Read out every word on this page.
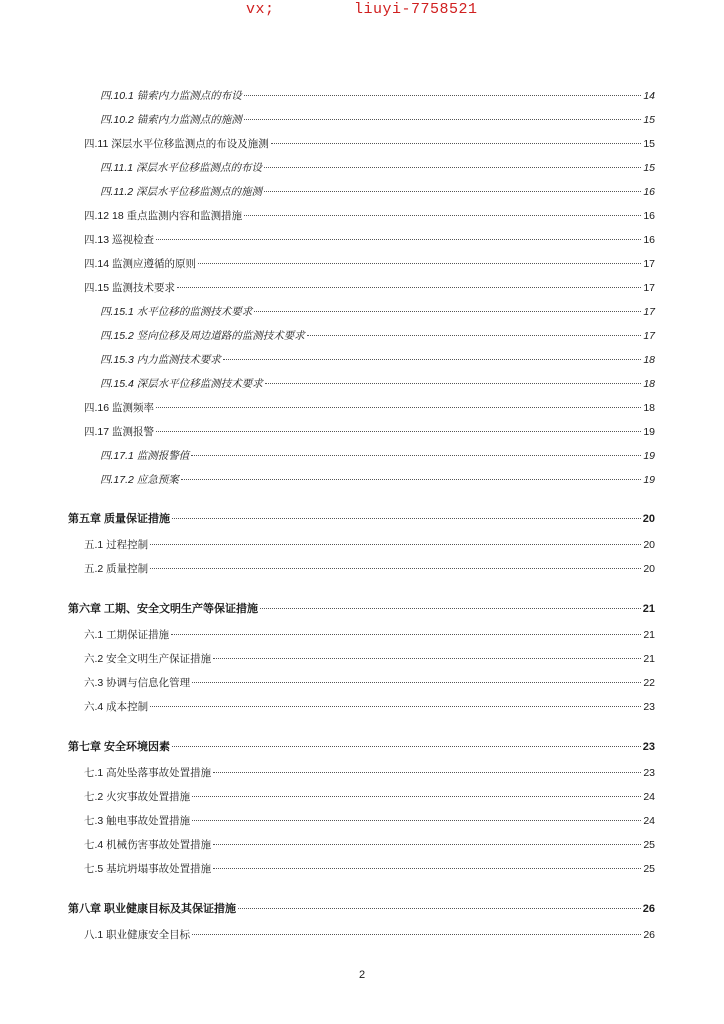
vx;	liuyi-7758521
四.10.1 锚索内力监测点的布设	14
四.10.2 锚索内力监测点的施测	15
四.11 深层水平位移监测点的布设及施测	15
四.11.1 深层水平位移监测点的布设	15
四.11.2 深层水平位移监测点的施测	16
四.12 18 重点监测内容和监测措施	16
四.13 巡视检查	16
四.14 监测应遵循的原则	17
四.15 监测技术要求	17
四.15.1 水平位移的监测技术要求	17
四.15.2 竖向位移及周边道路的监测技术要求	17
四.15.3 内力监测技术要求	18
四.15.4 深层水平位移监测技术要求	18
四.16 监测频率	18
四.17 监测报警	19
四.17.1 监测报警值	19
四.17.2 应急预案	19
第五章 质量保证措施	20
五.1 过程控制	20
五.2 质量控制	20
第六章 工期、安全文明生产等保证措施	21
六.1 工期保证措施	21
六.2 安全文明生产保证措施	21
六.3 协调与信息化管理	22
六.4 成本控制	23
第七章 安全环境因素	23
七.1 高处坠落事故处置措施	23
七.2 火灾事故处置措施	24
七.3 触电事故处置措施	24
七.4 机械伤害事故处置措施	25
七.5 基坑坍塌事故处置措施	25
第八章 职业健康目标及其保证措施	26
八.1 职业健康安全目标	26
2
